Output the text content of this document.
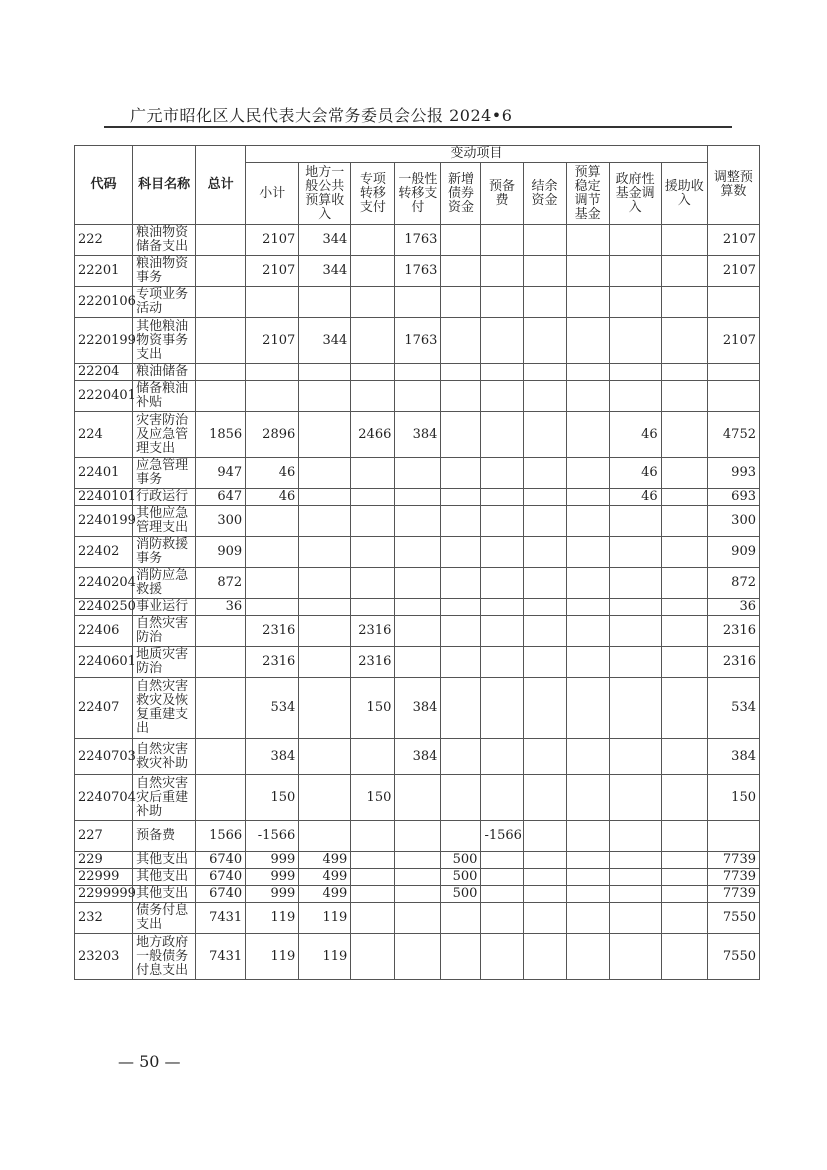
广元市昭化区人民代表大会常务委员会公报 2024•6
代码	科目名称	总计	变动项目										调整预算数
			小计	地方一般公共预算收入	专项转移支付	一般性转移支付	新增债券资金	预备费	结余资金	预算稳定调节基金	政府性基金调入	援助收入	
222	粮油物资储备支出		2107	344		1763							2107
22201	粮油物资事务		2107	344		1763							2107
2220106	专项业务活动												
2220199	其他粮油物资事务支出		2107	344		1763							2107
22204	粮油储备												
2220401	储备粮油补贴												
224	灾害防治及应急管理支出	1856	2896		2466	384					46		4752
22401	应急管理事务	947	46								46		993
2240101	行政运行	647	46								46		693
2240199	其他应急管理支出	300											300
22402	消防救援事务	909											909
2240204	消防应急救援	872											872
2240250	事业运行	36											36
22406	自然灾害防治		2316		2316								2316
2240601	地质灾害防治		2316		2316								2316
22407	自然灾害救灾及恢复重建支出		534		150	384							534
2240703	自然灾害救灾补助		384			384							384
2240704	自然灾害灾后重建补助		150		150								150
227	预备费	1566	-1566					-1566					
229	其他支出	6740	999	499			500						7739
22999	其他支出	6740	999	499			500						7739
2299999	其他支出	6740	999	499			500						7739
232	债务付息支出	7431	119	119									7550
23203	地方政府一般债务付息支出	7431	119	119									7550
— 50 —
